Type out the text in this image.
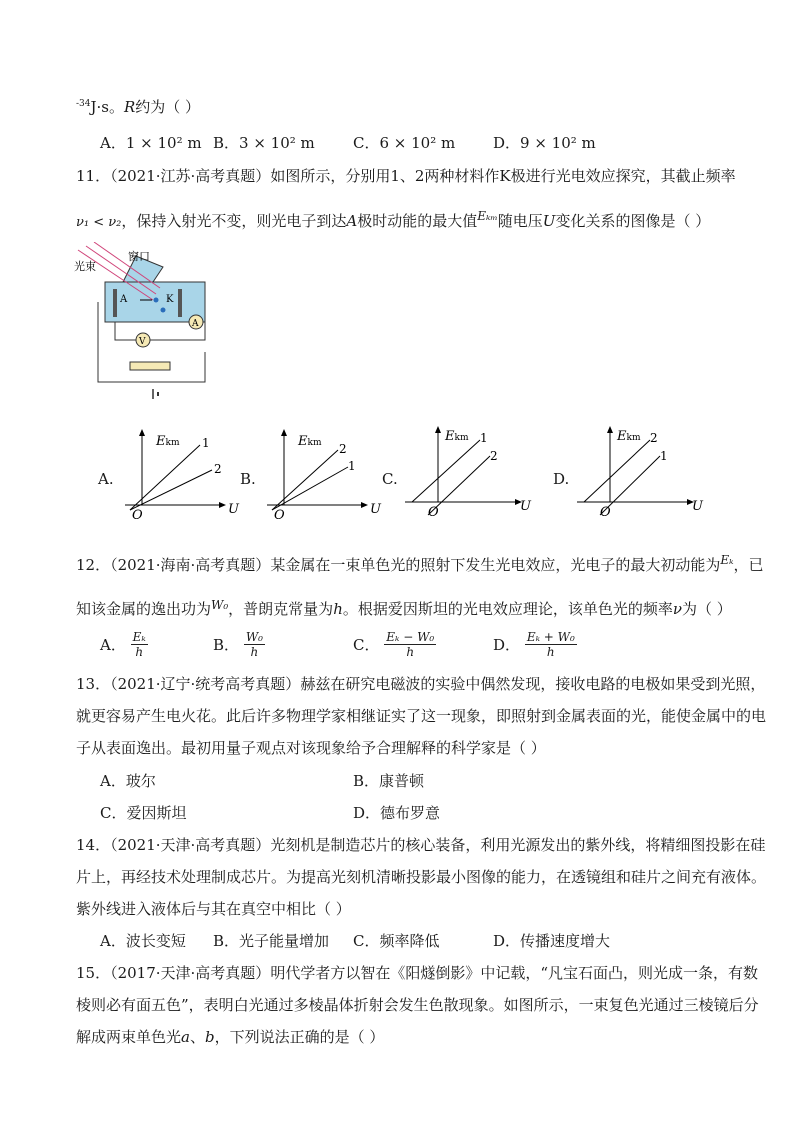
$^{-34}$J·s。R约为（ ）
A．1 × 10² m B．3 × 10² m	C．6 × 10² m	D．9 × 10² m
11．（2021·江苏·高考真题）如图所示，分别用1、2两种材料作K极进行光电效应探究，其截止频率
ν₁ < ν₂，保持入射光不变，则光电子到达A极时动能的最大值$^{E_{km}}$随电压U变化关系的图像是（ ）
A	K
光束
窗口
A
V
A.	B.	C.	D.
Ekm 1
2
O	U
Ekm 2
1
O	U
Ekm 1
2
O	U
Ekm 2
1
O	U
12．（2021·海南·高考真题）某金属在一束单色光的照射下发生光电效应，光电子的最大初动能为$^{E_k}$，已
知该金属的逸出功为$^{W_0}$，普朗克常量为h。根据爱因斯坦的光电效应理论，该单色光的频率ν为（ ）
A． $\frac{\text{Eₖ}}{h}$	B． $\frac{\text{W₀}}{h}$	C． $\frac{\text{Eₖ − W₀}}{h}$	D． $\frac{\text{Eₖ + W₀}}{h}$
13．（2021·辽宁·统考高考真题）赫兹在研究电磁波的实验中偶然发现，接收电路的电极如果受到光照，
就更容易产生电火花。此后许多物理学家相继证实了这一现象，即照射到金属表面的光，能使金属中的电
子从表面逸出。最初用量子观点对该现象给予合理解释的科学家是（ ）
A．玻尔	B．康普顿
C．爱因斯坦	D．德布罗意
14．（2021·天津·高考真题）光刻机是制造芯片的核心装备，利用光源发出的紫外线，将精细图投影在硅
片上，再经技术处理制成芯片。为提高光刻机清晰投影最小图像的能力，在透镜组和硅片之间充有液体。
紫外线进入液体后与其在真空中相比（ ）
A．波长变短 B．光子能量增加 C．频率降低	D．传播速度增大
15．（2017·天津·高考真题）明代学者方以智在《阳燧倒影》中记载，“凡宝石面凸，则光成一条，有数
棱则必有面五色”，表明白光通过多棱晶体折射会发生色散现象。如图所示，一束复色光通过三棱镜后分
解成两束单色光a、b，下列说法正确的是（ ）
